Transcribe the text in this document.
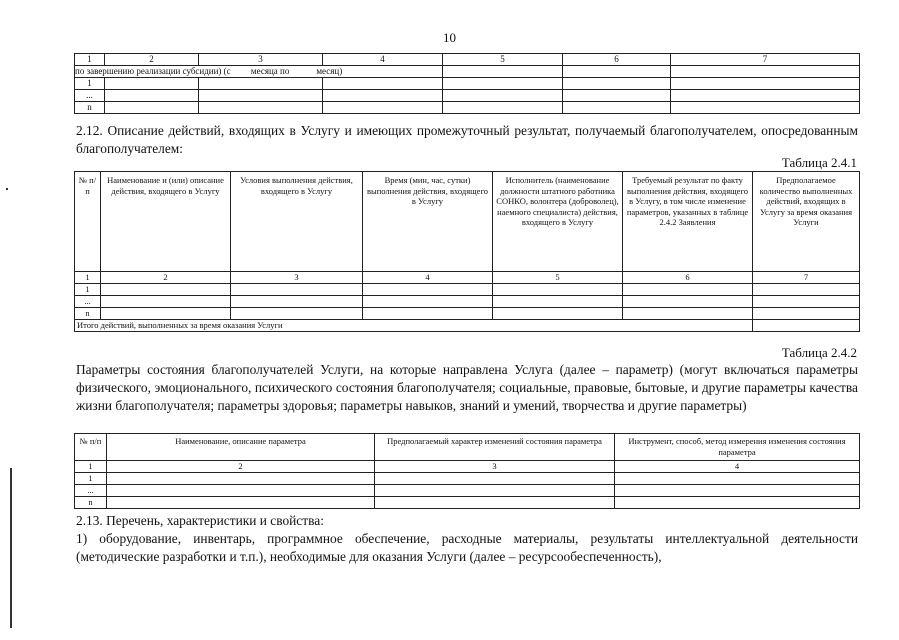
10
1	2	3	4	5	6	7
по завершению реализации субсидии) (с         месяца по            месяц)						
1						
...						
n						
2.12. Описание действий, входящих в Услугу и имеющих промежуточный результат, получаемый благополучателем, опосредованным благополучателем:
Таблица 2.4.1
№ п/п	Наименование и (или) описание действия, входящего в Услугу	Условия выполнения действия, входящего в Услугу	Время (мин, час, сутки) выполнения действия, входящего в Услугу	Исполнитель (наименование должности штатного работника СОНКО, волонтера (доброволец), наемного специалиста) действия, входящего в Услугу	Требуемый результат по факту выполнения действия, входящего в Услугу, в том числе изменение параметров, указанных в таблице 2.4.2 Заявления	Предполагаемое количество выполненных действий, входящих в Услугу за время оказания Услуги
1	2	3	4	5	6	7
1						
...						
n						
Итого действий, выполненных за время оказания Услуги						
Таблица 2.4.2
Параметры состояния благополучателей Услуги, на которые направлена Услуга (далее – параметр) (могут включаться параметры физического, эмоционального, психического состояния благополучателя; социальные, правовые, бытовые, и другие параметры качества жизни благополучателя; параметры здоровья; параметры навыков, знаний и умений, творчества и другие параметры)
№ п/п	Наименование, описание параметра	Предполагаемый характер изменений состояния параметра	Инструмент, способ, метод измерения изменения состояния параметра
1	2	3	4
1			
...			
n			
2.13. Перечень, характеристики и свойства:
1) оборудование, инвентарь, программное обеспечение, расходные материалы, результаты интеллектуальной деятельности (методические разработки и т.п.), необходимые для оказания Услуги (далее – ресурсообеспеченность),
